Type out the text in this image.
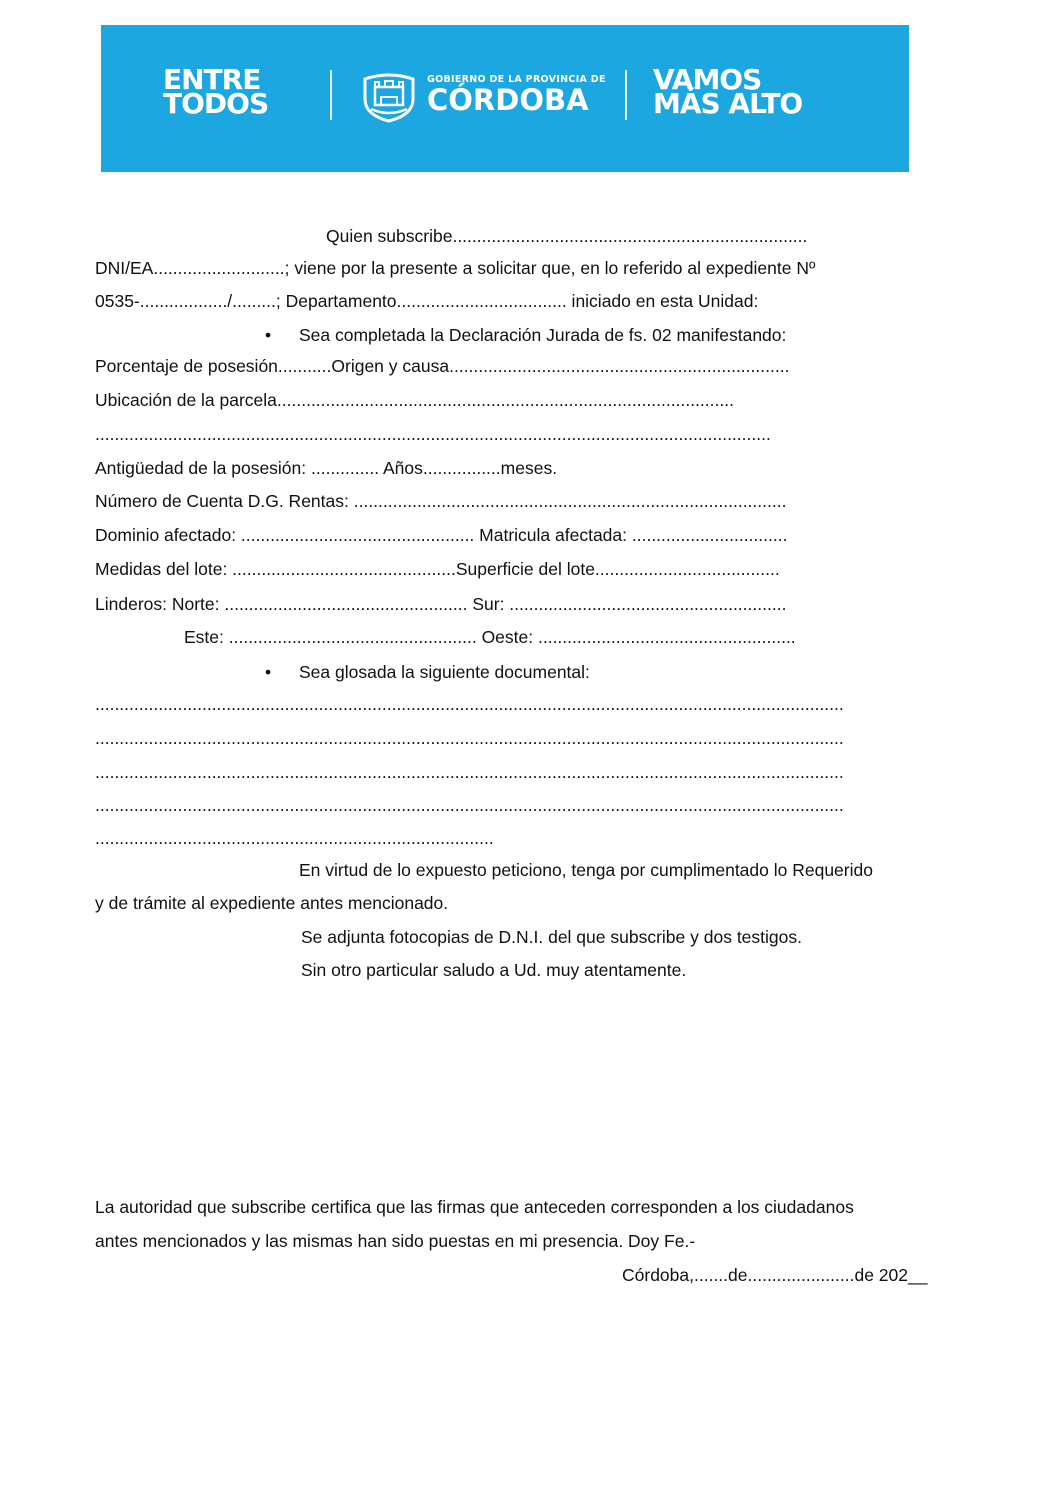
ENTRE
TODOS
GOBIERNO DE LA PROVINCIA DE
CÓRDOBA
VAMOS
MÁS ALTO
Quien subscribe.........................................................................
DNI/EA...........................; viene por la presente a solicitar que, en lo referido al expediente Nº
0535-................../.........; Departamento................................... iniciado en esta Unidad:
• Sea completada la Declaración Jurada de fs. 02 manifestando:
Porcentaje de posesión...........Origen y causa......................................................................
Ubicación de la parcela..............................................................................................
...........................................................................................................................................
Antigüedad de la posesión: .............. Años................meses.
Número de Cuenta D.G. Rentas: .........................................................................................
Dominio afectado: ................................................ Matricula afectada: ................................
Medidas del lote: ..............................................Superficie del lote......................................
Linderos: Norte: .................................................. Sur: .........................................................
Este: ................................................... Oeste: .....................................................
• Sea glosada la siguiente documental:
..........................................................................................................................................................
..........................................................................................................................................................
..........................................................................................................................................................
..........................................................................................................................................................
..................................................................................
En virtud de lo expuesto peticiono, tenga por cumplimentado lo Requerido
y de trámite al expediente antes mencionado.
Se adjunta fotocopias de D.N.I. del que subscribe y dos testigos.
Sin otro particular saludo a Ud. muy atentamente.
La autoridad que subscribe certifica que las firmas que anteceden corresponden a los ciudadanos
antes mencionados y las mismas han sido puestas en mi presencia. Doy Fe.-
Córdoba,.......de......................de 202__
